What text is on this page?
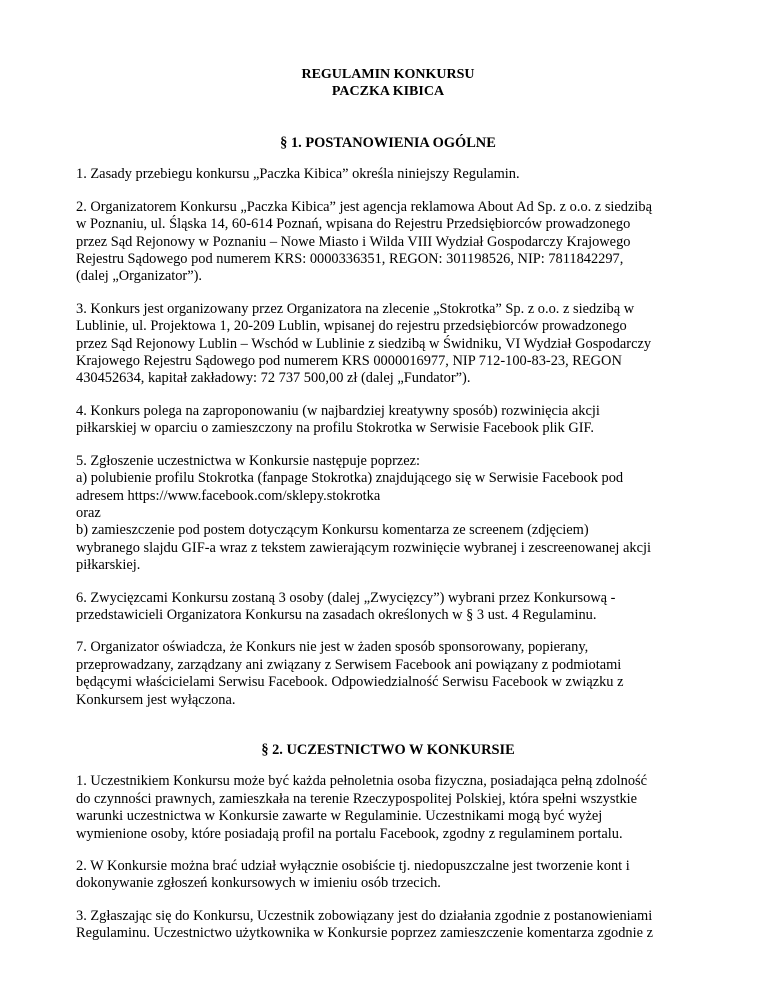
REGULAMIN KONKURSU

PACZKA KIBICA

§ 1. POSTANOWIENIA OGÓLNE

1. Zasady przebiegu konkursu „Paczka Kibica” określa niniejszy Regulamin.

2. Organizatorem Konkursu „Paczka Kibica” jest agencja reklamowa About Ad Sp. z o.o. z siedzibą
w Poznaniu, ul. Śląska 14, 60-614 Poznań, wpisana do Rejestru Przedsiębiorców prowadzonego
przez Sąd Rejonowy w Poznaniu – Nowe Miasto i Wilda VIII Wydział Gospodarczy Krajowego
Rejestru Sądowego pod numerem KRS: 0000336351, REGON: 301198526, NIP: 7811842297,
(dalej „Organizator”).

3. Konkurs jest organizowany przez Organizatora na zlecenie „Stokrotka” Sp. z o.o. z siedzibą w
Lublinie, ul. Projektowa 1, 20-209 Lublin, wpisanej do rejestru przedsiębiorców prowadzonego
przez Sąd Rejonowy Lublin – Wschód w Lublinie z siedzibą w Świdniku, VI Wydział Gospodarczy
Krajowego Rejestru Sądowego pod numerem KRS 0000016977, NIP 712-100-83-23, REGON
430452634, kapitał zakładowy: 72 737 500,00 zł (dalej „Fundator”).

4. Konkurs polega na zaproponowaniu (w najbardziej kreatywny sposób) rozwinięcia akcji
piłkarskiej w oparciu o zamieszczony na profilu Stokrotka w Serwisie Facebook plik GIF.

5. Zgłoszenie uczestnictwa w Konkursie następuje poprzez:
a) polubienie profilu Stokrotka (fanpage Stokrotka) znajdującego się w Serwisie Facebook pod
adresem https://www.facebook.com/sklepy.stokrotka
oraz
b) zamieszczenie pod postem dotyczącym Konkursu komentarza ze screenem (zdjęciem)
wybranego slajdu GIF-a wraz z tekstem zawierającym rozwinięcie wybranej i zescreenowanej akcji
piłkarskiej.

6. Zwycięzcami Konkursu zostaną 3 osoby (dalej „Zwycięzcy”) wybrani przez Konkursową -
przedstawicieli Organizatora Konkursu na zasadach określonych w § 3 ust. 4 Regulaminu.

7. Organizator oświadcza, że Konkurs nie jest w żaden sposób sponsorowany, popierany,
przeprowadzany, zarządzany ani związany z Serwisem Facebook ani powiązany z podmiotami
będącymi właścicielami Serwisu Facebook. Odpowiedzialność Serwisu Facebook w związku z
Konkursem jest wyłączona.

§ 2. UCZESTNICTWO W KONKURSIE

1. Uczestnikiem Konkursu może być każda pełnoletnia osoba fizyczna, posiadająca pełną zdolność
do czynności prawnych, zamieszkała na terenie Rzeczypospolitej Polskiej, która spełni wszystkie
warunki uczestnictwa w Konkursie zawarte w Regulaminie. Uczestnikami mogą być wyżej
wymienione osoby, które posiadają profil na portalu Facebook, zgodny z regulaminem portalu.

2. W Konkursie można brać udział wyłącznie osobiście tj. niedopuszczalne jest tworzenie kont i
dokonywanie zgłoszeń konkursowych w imieniu osób trzecich.

3. Zgłaszając się do Konkursu, Uczestnik zobowiązany jest do działania zgodnie z postanowieniami
Regulaminu. Uczestnictwo użytkownika w Konkursie poprzez zamieszczenie komentarza zgodnie z
